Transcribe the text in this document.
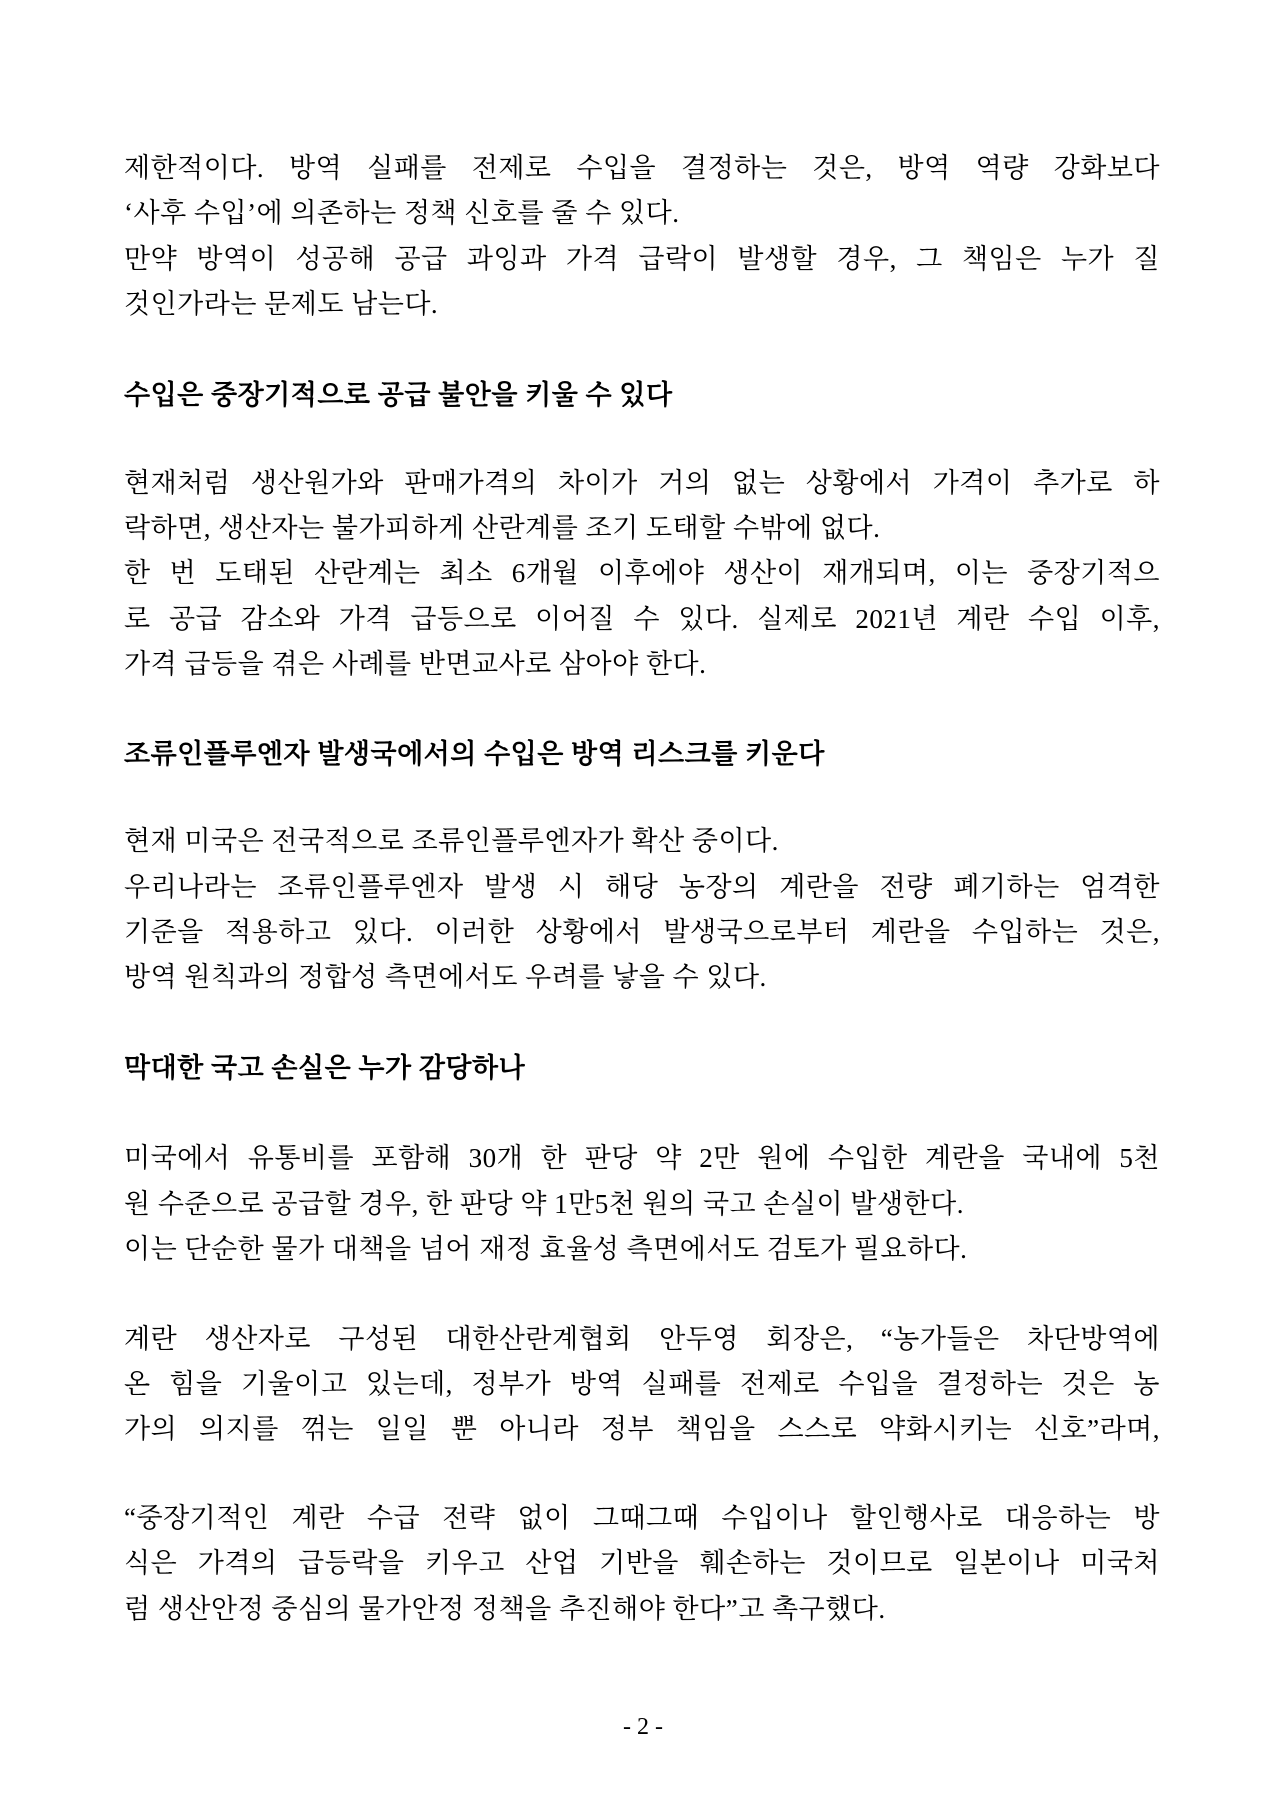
제한적이다. 방역 실패를 전제로 수입을 결정하는 것은, 방역 역량 강화보다
‘사후 수입’에 의존하는 정책 신호를 줄 수 있다.
만약 방역이 성공해 공급 과잉과 가격 급락이 발생할 경우, 그 책임은 누가 질
것인가라는 문제도 남는다.
수입은 중장기적으로 공급 불안을 키울 수 있다
현재처럼 생산원가와 판매가격의 차이가 거의 없는 상황에서 가격이 추가로 하
락하면, 생산자는 불가피하게 산란계를 조기 도태할 수밖에 없다.
한 번 도태된 산란계는 최소 6개월 이후에야 생산이 재개되며, 이는 중장기적으
로 공급 감소와 가격 급등으로 이어질 수 있다. 실제로 2021년 계란 수입 이후,
가격 급등을 겪은 사례를 반면교사로 삼아야 한다.
조류인플루엔자 발생국에서의 수입은 방역 리스크를 키운다
현재 미국은 전국적으로 조류인플루엔자가 확산 중이다.
우리나라는 조류인플루엔자 발생 시 해당 농장의 계란을 전량 폐기하는 엄격한
기준을 적용하고 있다. 이러한 상황에서 발생국으로부터 계란을 수입하는 것은,
방역 원칙과의 정합성 측면에서도 우려를 낳을 수 있다.
막대한 국고 손실은 누가 감당하나
미국에서 유통비를 포함해 30개 한 판당 약 2만 원에 수입한 계란을 국내에 5천
원 수준으로 공급할 경우, 한 판당 약 1만5천 원의 국고 손실이 발생한다.
이는 단순한 물가 대책을 넘어 재정 효율성 측면에서도 검토가 필요하다.
계란 생산자로 구성된 대한산란계협회 안두영 회장은, “농가들은 차단방역에
온 힘을 기울이고 있는데, 정부가 방역 실패를 전제로 수입을 결정하는 것은 농
가의 의지를 꺾는 일일 뿐 아니라 정부 책임을 스스로 약화시키는 신호”라며,
“중장기적인 계란 수급 전략 없이 그때그때 수입이나 할인행사로 대응하는 방
식은 가격의 급등락을 키우고 산업 기반을 훼손하는 것이므로 일본이나 미국처
럼 생산안정 중심의 물가안정 정책을 추진해야 한다”고 촉구했다.
- 2 -
